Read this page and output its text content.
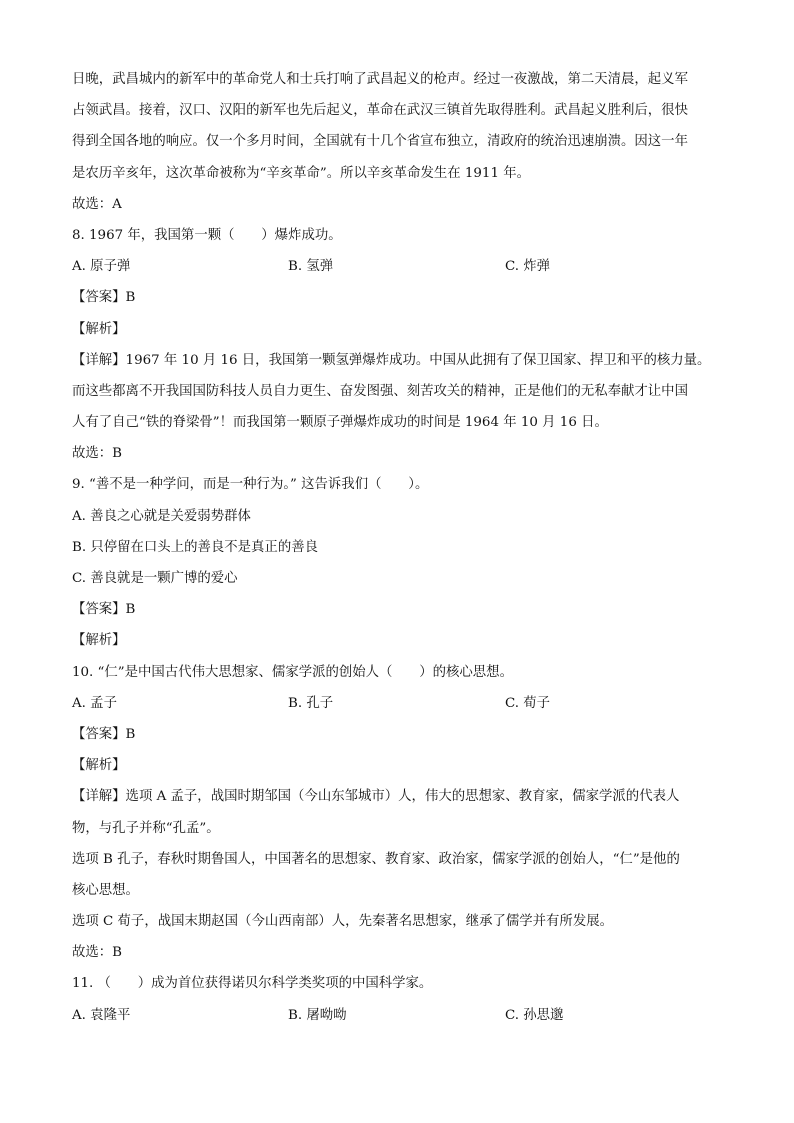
日晚，武昌城内的新军中的革命党人和士兵打响了武昌起义的枪声。经过一夜激战，第二天清晨，起义军
占领武昌。接着，汉口、汉阳的新军也先后起义，革命在武汉三镇首先取得胜利。武昌起义胜利后，很快
得到全国各地的响应。仅一个多月时间，全国就有十几个省宣布独立，清政府的统治迅速崩溃。因这一年
是农历辛亥年，这次革命被称为“辛亥革命”。所以辛亥革命发生在 1911 年。
故选：A
8. 1967 年，我国第一颗（　　）爆炸成功。
A. 原子弹	B. 氢弹	C. 炸弹
【答案】B
【解析】
【详解】1967 年 10 月 16 日，我国第一颗氢弹爆炸成功。中国从此拥有了保卫国家、捍卫和平的核力量。
而这些都离不开我国国防科技人员自力更生、奋发图强、刻苦攻关的精神，正是他们的无私奉献才让中国
人有了自己“铁的脊梁骨”！而我国第一颗原子弹爆炸成功的时间是 1964 年 10 月 16 日。
故选：B
9. “善不是一种学问，而是一种行为。” 这告诉我们（　　）。
A. 善良之心就是关爱弱势群体
B. 只停留在口头上的善良不是真正的善良
C. 善良就是一颗广博的爱心
【答案】B
【解析】
10. “仁”是中国古代伟大思想家、儒家学派的创始人（　　）的核心思想。
A. 孟子	B. 孔子	C. 荀子
【答案】B
【解析】
【详解】选项 A 孟子，战国时期邹国（今山东邹城市）人，伟大的思想家、教育家，儒家学派的代表人
物，与孔子并称“孔孟”。
选项 B 孔子，春秋时期鲁国人，中国著名的思想家、教育家、政治家，儒家学派的创始人，“仁”是他的
核心思想。
选项 C 荀子，战国末期赵国（今山西南部）人，先秦著名思想家，继承了儒学并有所发展。
故选：B
11. （　　）成为首位获得诺贝尔科学类奖项的中国科学家。
A. 袁隆平	B. 屠呦呦	C. 孙思邈
